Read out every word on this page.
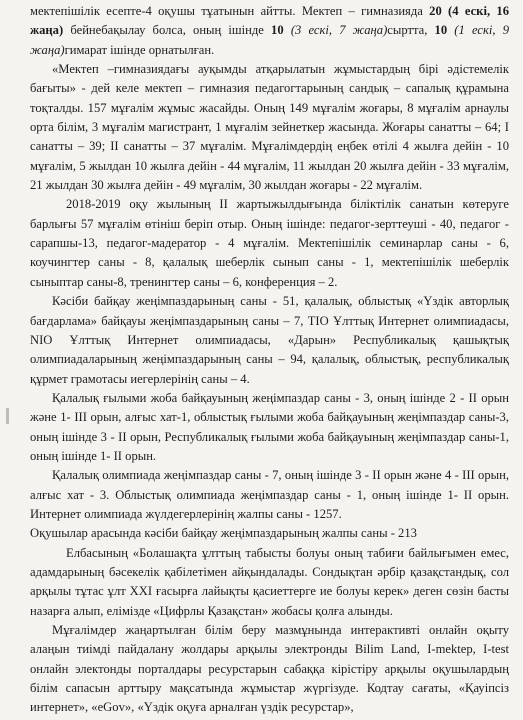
мектепішілік есепте-4 оқушы тұатынын айтты. Мектеп – гимназияда 20 (4 ескі, 16 жаңа) бейнебақылау болса, оның ішінде 10 (3 ескі, 7 жаңа)сыртта, 10 (1 ескі, 9 жаңа)гимарат ішінде орнатылған.

«Мектеп –гимназиядағы ауқымды атқарылатын жұмыстардың бірі әдістемелік бағыты» - дей келе мектеп – гимназия педагогтарының сандық – сапалық құрамына тоқталды. 157 мұғалім жұмыс жасайды. Оның 149 мұғалім жоғары, 8 мұғалім арнаулы орта білім, 3 мұғалім магистрант, 1 мұғалім зейнеткер жасында. Жоғары санатты – 64; І санатты – 39; ІІ санатты – 37 мұғалім. Мұғалімдердің еңбек өтілі 4 жылға дейін - 10 мұғалім, 5 жылдан 10 жылға дейін - 44 мұғалім, 11 жылдан 20 жылға дейін - 33 мұғалім, 21 жылдан 30 жылға дейін - 49 мұғалім, 30 жылдан жоғары - 22 мұғалім.

2018-2019 оқу жылының ІІ жартыжылдығында біліктілік санатын көтеруге барлығы 57 мұғалім өтініш беріп отыр. Оның ішінде: педагог-зерттеуші - 40, педагог - сарапшы-13, педагог-мадератор - 4 мұғалім. Мектепішілік семинарлар саны - 6, коучингтер саны - 8, қалалық шеберлік сынып саны - 1, мектепішілік шеберлік сыныптар саны-8, тренингтер саны – 6, конференция – 2.

Кәсіби байқау жеңімпаздарының саны - 51, қалалық, облыстық «Үздік авторлық бағдарлама» байқауы жеңімпаздарының саны – 7, ТІО Ұлттық Интернет олимпиадасы, NIO Ұлттық Интернет олимпиадасы, «Дарын» Республикалық қашықтық олимпиадаларының жеңімпаздарының саны – 94, қалалық, облыстық, республикалық құрмет грамотасы иегерлерінің саны – 4.

Қалалық ғылыми жоба байқауының жеңімпаздар саны - 3, оның ішінде 2 - ІІ орын және 1- ІІІ орын, алғыс хат-1, облыстық ғылыми жоба байқауының жеңімпаздар саны-3, оның ішінде 3 - ІІ орын, Республикалық ғылыми жоба байқауының жеңімпаздар саны-1, оның ішінде 1- ІІ орын.

Қалалық олимпиада жеңімпаздар саны - 7, оның ішінде 3 - ІІ орын және 4 - ІІІ орын, алғыс хат - 3. Облыстық олимпиада жеңімпаздар саны - 1, оның ішінде 1- ІІ орын. Интернет олимпиада жүлдегерлерінің жалпы саны - 1257.

Оқушылар арасында кәсіби байқау жеңімпаздарының жалпы саны - 213

Елбасының «Болашақта ұлттың табысты болуы оның табиғи байлығымен емес, адамдарының бәсекелік қабілетімен айқындалады. Сондықтан әрбір қазақстандық, сол арқылы тұтас ұлт ХХІ ғасырға лайықты қасиеттерге ие болуы керек» деген сөзін басты назарға алып, елімізде «Цифрлы Қазақстан» жобасы қолға алынды.

Мұғалімдер жаңартылған білім беру мазмұнында интерактивті онлайн оқыту алаңын тиімді пайдалану жолдары арқылы электронды Bilim Land, I-mektep, I-test онлайн электонды порталдары ресурстарын сабаққа кірістіру арқылы оқушылардың білім сапасын арттыру мақсатында жұмыстар жүргізуде. Кодтау сағаты, «Қауіпсіз интернет», «eGov», «Үздік оқуға арналған үздік ресурстар»,
